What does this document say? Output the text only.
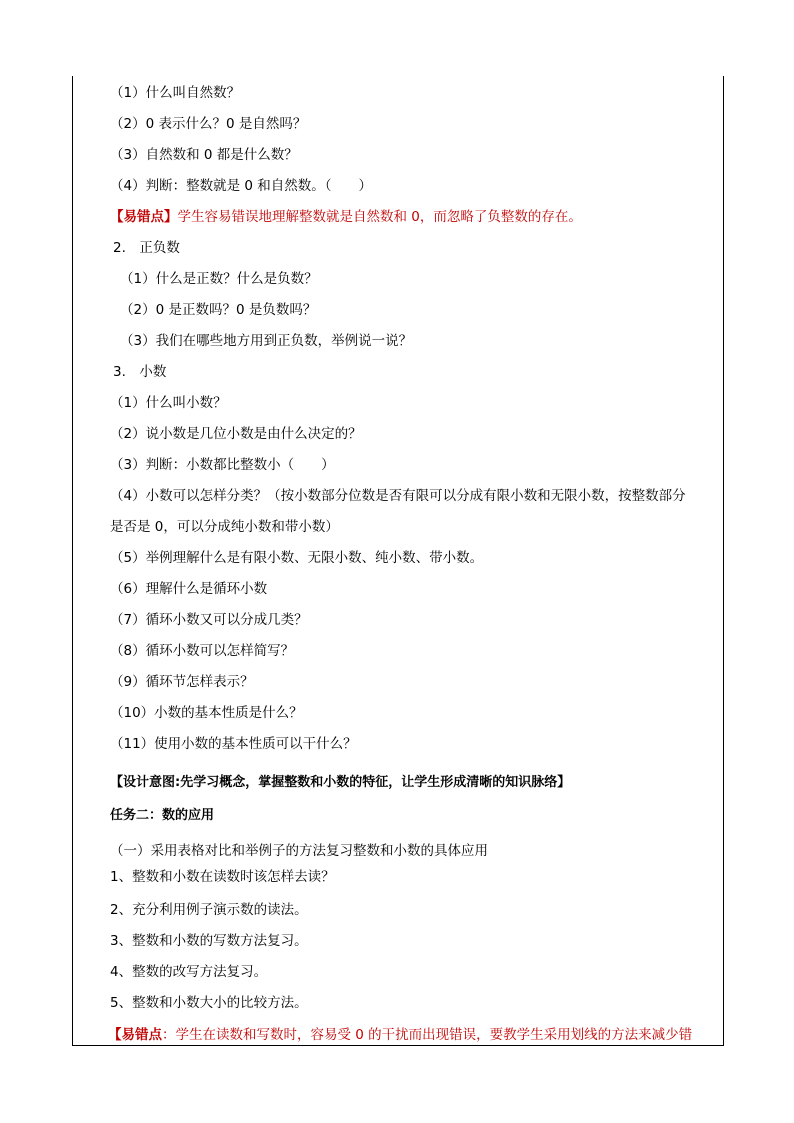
（1）什么叫自然数？
（2）0 表示什么？0 是自然吗？
（3）自然数和 0 都是什么数？
（4）判断：整数就是 0 和自然数。（　　）
【易错点】学生容易错误地理解整数就是自然数和 0，而忽略了负整数的存在。
2.　正负数
（1）什么是正数？什么是负数？
（2）0 是正数吗？0 是负数吗？
（3）我们在哪些地方用到正负数，举例说一说？
3.　小数
（1）什么叫小数？
（2）说小数是几位小数是由什么决定的？
（3）判断：小数都比整数小（　　）
（4）小数可以怎样分类？（按小数部分位数是否有限可以分成有限小数和无限小数，按整数部分
是否是 0，可以分成纯小数和带小数）
（5）举例理解什么是有限小数、无限小数、纯小数、带小数。
（6）理解什么是循环小数
（7）循环小数又可以分成几类？
（8）循环小数可以怎样简写？
（9）循环节怎样表示？
（10）小数的基本性质是什么？
（11）使用小数的基本性质可以干什么？
【设计意图:先学习概念，掌握整数和小数的特征，让学生形成清晰的知识脉络】
任务二：数的应用
（一）采用表格对比和举例子的方法复习整数和小数的具体应用
1、整数和小数在读数时该怎样去读？
2、充分利用例子演示数的读法。
3、整数和小数的写数方法复习。
4、整数的改写方法复习。
5、整数和小数大小的比较方法。
【易错点：学生在读数和写数时，容易受 0 的干扰而出现错误，要教学生采用划线的方法来减少错
